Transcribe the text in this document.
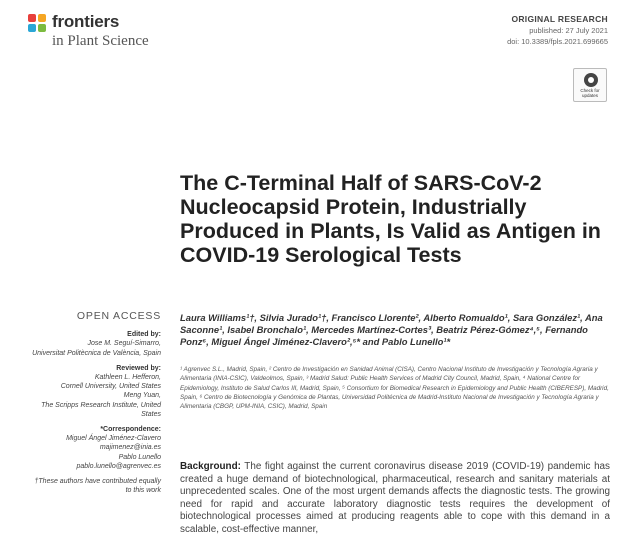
frontiers
in Plant Science
ORIGINAL RESEARCH
published: 27 July 2021
doi: 10.3389/fpls.2021.699665
Check for updates
The C-Terminal Half of SARS-CoV-2 Nucleocapsid Protein, Industrially Produced in Plants, Is Valid as Antigen in COVID-19 Serological Tests
OPEN ACCESS
Edited by:
Jose M. Seguí-Simarro,
Universitat Politècnica de València, Spain
Reviewed by:
Kathleen L. Hefferon,
Cornell University, United States
Meng Yuan,
The Scripps Research Institute, United States
*Correspondence:
Miguel Ángel Jiménez-Clavero
majimenez@inia.es
Pablo Lunello
pablo.lunello@agrenvec.es
†These authors have contributed equally to this work
Laura Williams¹†, Silvia Jurado¹†, Francisco Llorente², Alberto Romualdo¹, Sara González¹, Ana Saconne¹, Isabel Bronchalo¹, Mercedes Martínez-Cortes³, Beatriz Pérez-Gómez⁴,⁵, Fernando Ponz⁶, Miguel Ángel Jiménez-Clavero²,⁵* and Pablo Lunello¹*
¹ Agrenvec S.L., Madrid, Spain, ² Centro de Investigación en Sanidad Animal (CISA), Centro Nacional Instituto de Investigación y Tecnología Agraria y Alimentaria (INIA-CSIC), Valdeolmos, Spain, ³ Madrid Salud: Public Health Services of Madrid City Council, Madrid, Spain, ⁴ National Centre for Epidemiology, Instituto de Salud Carlos III, Madrid, Spain, ⁵ Consortium for Biomedical Research in Epidemiology and Public Health (CIBERESP), Madrid, Spain, ⁶ Centro de Biotecnología y Genómica de Plantas, Universidad Politécnica de Madrid-Instituto Nacional de Investigación y Tecnología Agraria y Alimentaria (CBGP, UPM-INIA, CSIC), Madrid, Spain

Background: The fight against the current coronavirus disease 2019 (COVID-19) pandemic has created a huge demand of biotechnological, pharmaceutical, research and sanitary materials at unprecedented scales. One of the most urgent demands affects the diagnostic tests. The growing need for rapid and accurate laboratory diagnostic tests requires the development of biotechnological processes aimed at producing reagents able to cope with this demand in a scalable, cost-effective manner,
